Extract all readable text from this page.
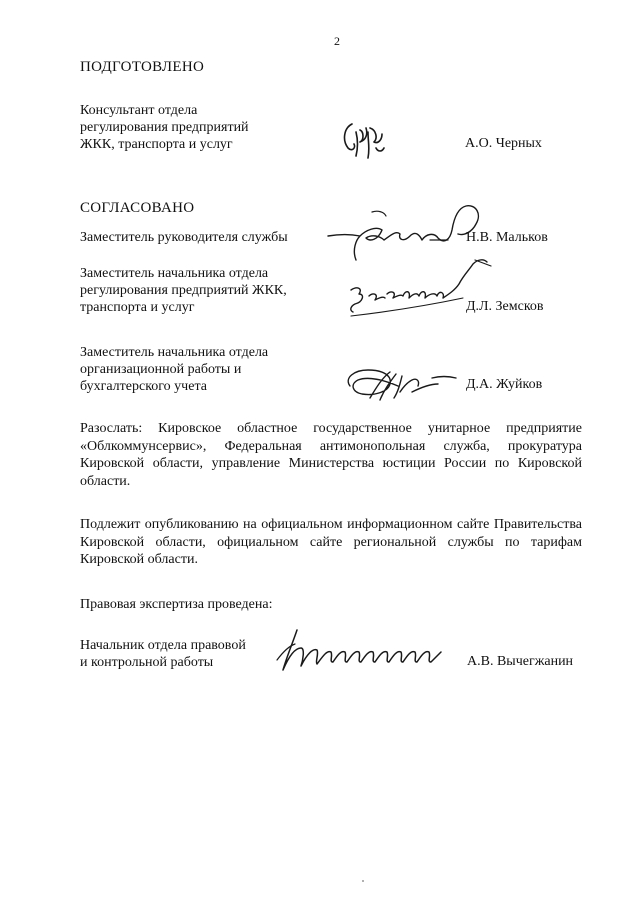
2
ПОДГОТОВЛЕНО
Консультант отдела
регулирования предприятий
ЖКК, транспорта и услуг	А.О. Черных
СОГЛАСОВАНО
Заместитель руководителя службы	Н.В. Мальков
Заместитель начальника отдела
регулирования предприятий ЖКК,
транспорта и услуг	Д.Л. Земсков
Заместитель начальника отдела
организационной работы и
бухгалтерского учета	Д.А. Жуйков
Разослать: Кировское областное государственное унитарное предприятие «Облкоммунсервис», Федеральная антимонопольная служба, прокуратура Кировской области, управление Министерства юстиции России по Кировской области.
Подлежит опубликованию на официальном информационном сайте Правительства Кировской области, официальном сайте региональной службы по тарифам Кировской области.
Правовая экспертиза проведена:
Начальник отдела правовой
и контрольной работы	А.В. Вычегжанин
